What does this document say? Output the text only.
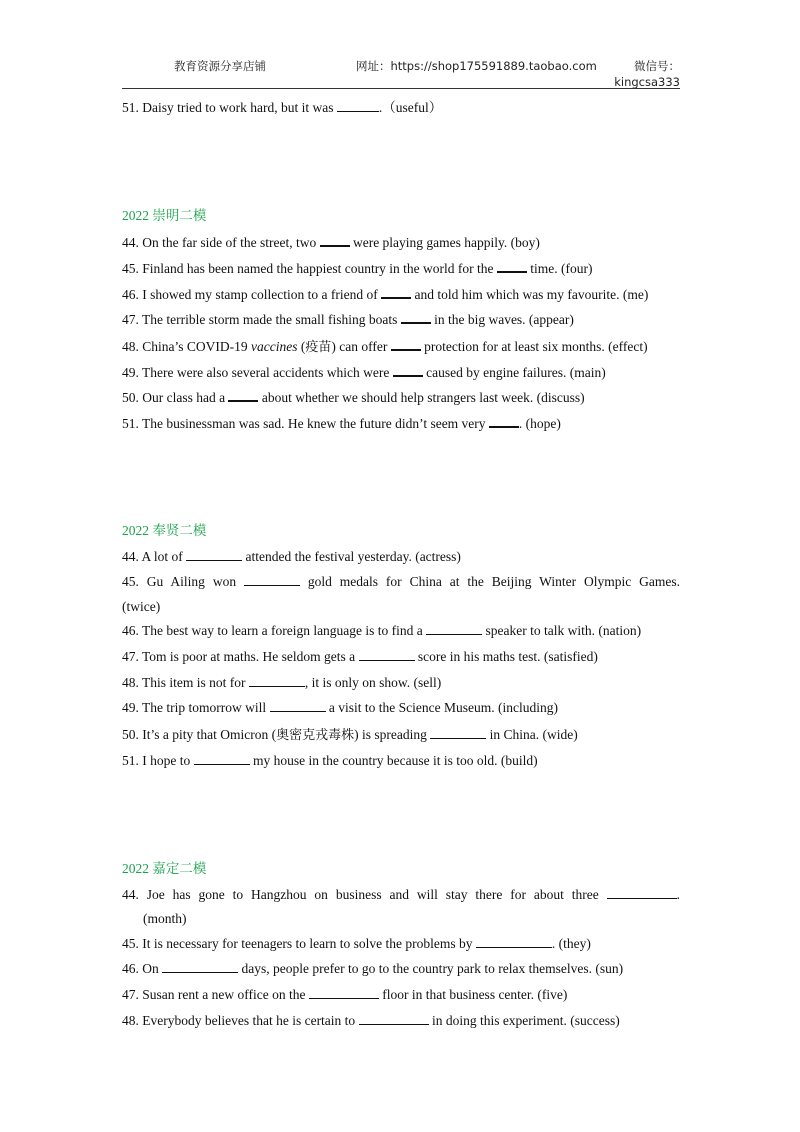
教育资源分享店铺	网址：https://shop175591889.taobao.com	微信号：
kingcsa333
51. Daisy tried to work hard, but it was	.（useful）
2022 崇明二模
44. On the far side of the street, two  were playing games happily. (boy)
45. Finland has been named the happiest country in the world for the  time. (four)
46. I showed my stamp collection to a friend of  and told him which was my favourite. (me)
47. The terrible storm made the small fishing boats  in the big waves. (appear)
48. China’s COVID-19 vaccines (疫苗) can offer  protection for at least six months. (effect)
49. There were also several accidents which were  caused by engine failures. (main)
50. Our class had a  about whether we should help strangers last week. (discuss)
51. The businessman was sad. He knew the future didn’t seem very . (hope)
2022 奉贤二模
44. A lot of	attended the festival yesterday. (actress)
45. Gu Ailing won	gold medals for China at the Beijing Winter Olympic Games.
(twice)
46. The best way to learn a foreign language is to find a	speaker to talk with. (nation)
47. Tom is poor at maths. He seldom gets a	score in his maths test. (satisfied)
48. This item is not for	, it is only on show. (sell)
49. The trip tomorrow will	a visit to the Science Museum. (including)
50. It’s a pity that Omicron (奥密克戎毒株) is spreading	in China. (wide)
51. I hope to	my house in the country because it is too old. (build)
2022 嘉定二模
44. Joe has gone to Hangzhou on business and will stay there for about three	.
(month)
45. It is necessary for teenagers to learn to solve the problems by	. (they)
46. On	days, people prefer to go to the country park to relax themselves. (sun)
47. Susan rent a new office on the	floor in that business center. (five)
48. Everybody believes that he is certain to	in doing this experiment. (success)
